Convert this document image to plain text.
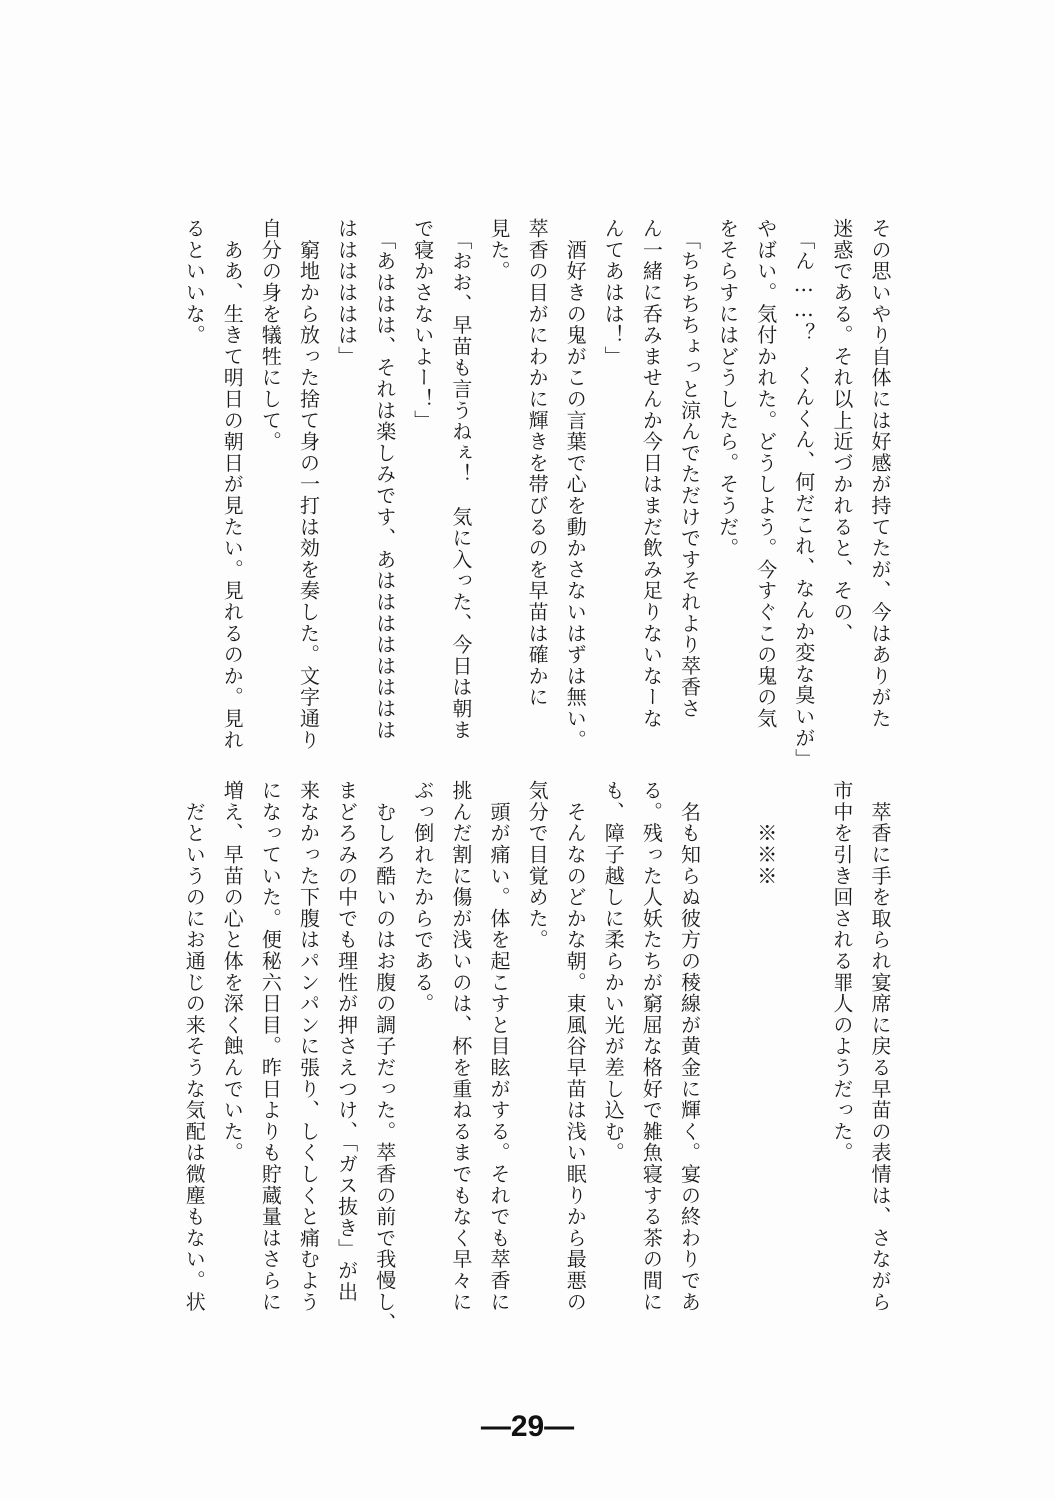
その思いやり自体には好感が持てたが、今はありがた
迷惑である。それ以上近づかれると、その、
　「ん……？　くんくん、何だこれ、なんか変な臭いが」
やばい。気付かれた。どうしよう。今すぐこの鬼の気
をそらすにはどうしたら。そうだ。
　「ちちちちょっと涼んでただけですそれより萃香さ
ん一緒に呑みませんか今日はまだ飲み足りないなーな
んてあはは！」
　酒好きの鬼がこの言葉で心を動かさないはずは無い。
萃香の目がにわかに輝きを帯びるのを早苗は確かに
見た。
　「おお、早苗も言うねぇ！　気に入った、今日は朝ま
で寝かさないよー！」
　「あははは、それは楽しみです、あはははははははは
はははははは」
　窮地から放った捨て身の一打は効を奏した。文字通り
自分の身を犠牲にして。
　ああ、生きて明日の朝日が見たい。見れるのか。見れ
るといいな。
　萃香に手を取られ宴席に戻る早苗の表情は、さながら
市中を引き回される罪人のようだった。
　　※※※
　名も知らぬ彼方の稜線が黄金に輝く。宴の終わりであ
る。残った人妖たちが窮屈な格好で雑魚寝する茶の間に
も、障子越しに柔らかい光が差し込む。
　そんなのどかな朝。東風谷早苗は浅い眠りから最悪の
気分で目覚めた。
　頭が痛い。体を起こすと目眩がする。それでも萃香に
挑んだ割に傷が浅いのは、杯を重ねるまでもなく早々に
ぶっ倒れたからである。
　むしろ酷いのはお腹の調子だった。萃香の前で我慢し、
まどろみの中でも理性が押さえつけ、「ガス抜き」が出
来なかった下腹はパンパンに張り、しくしくと痛むよう
になっていた。便秘六日目。昨日よりも貯蔵量はさらに
増え、早苗の心と体を深く蝕んでいた。
　だというのにお通じの来そうな気配は微塵もない。状
—29—
